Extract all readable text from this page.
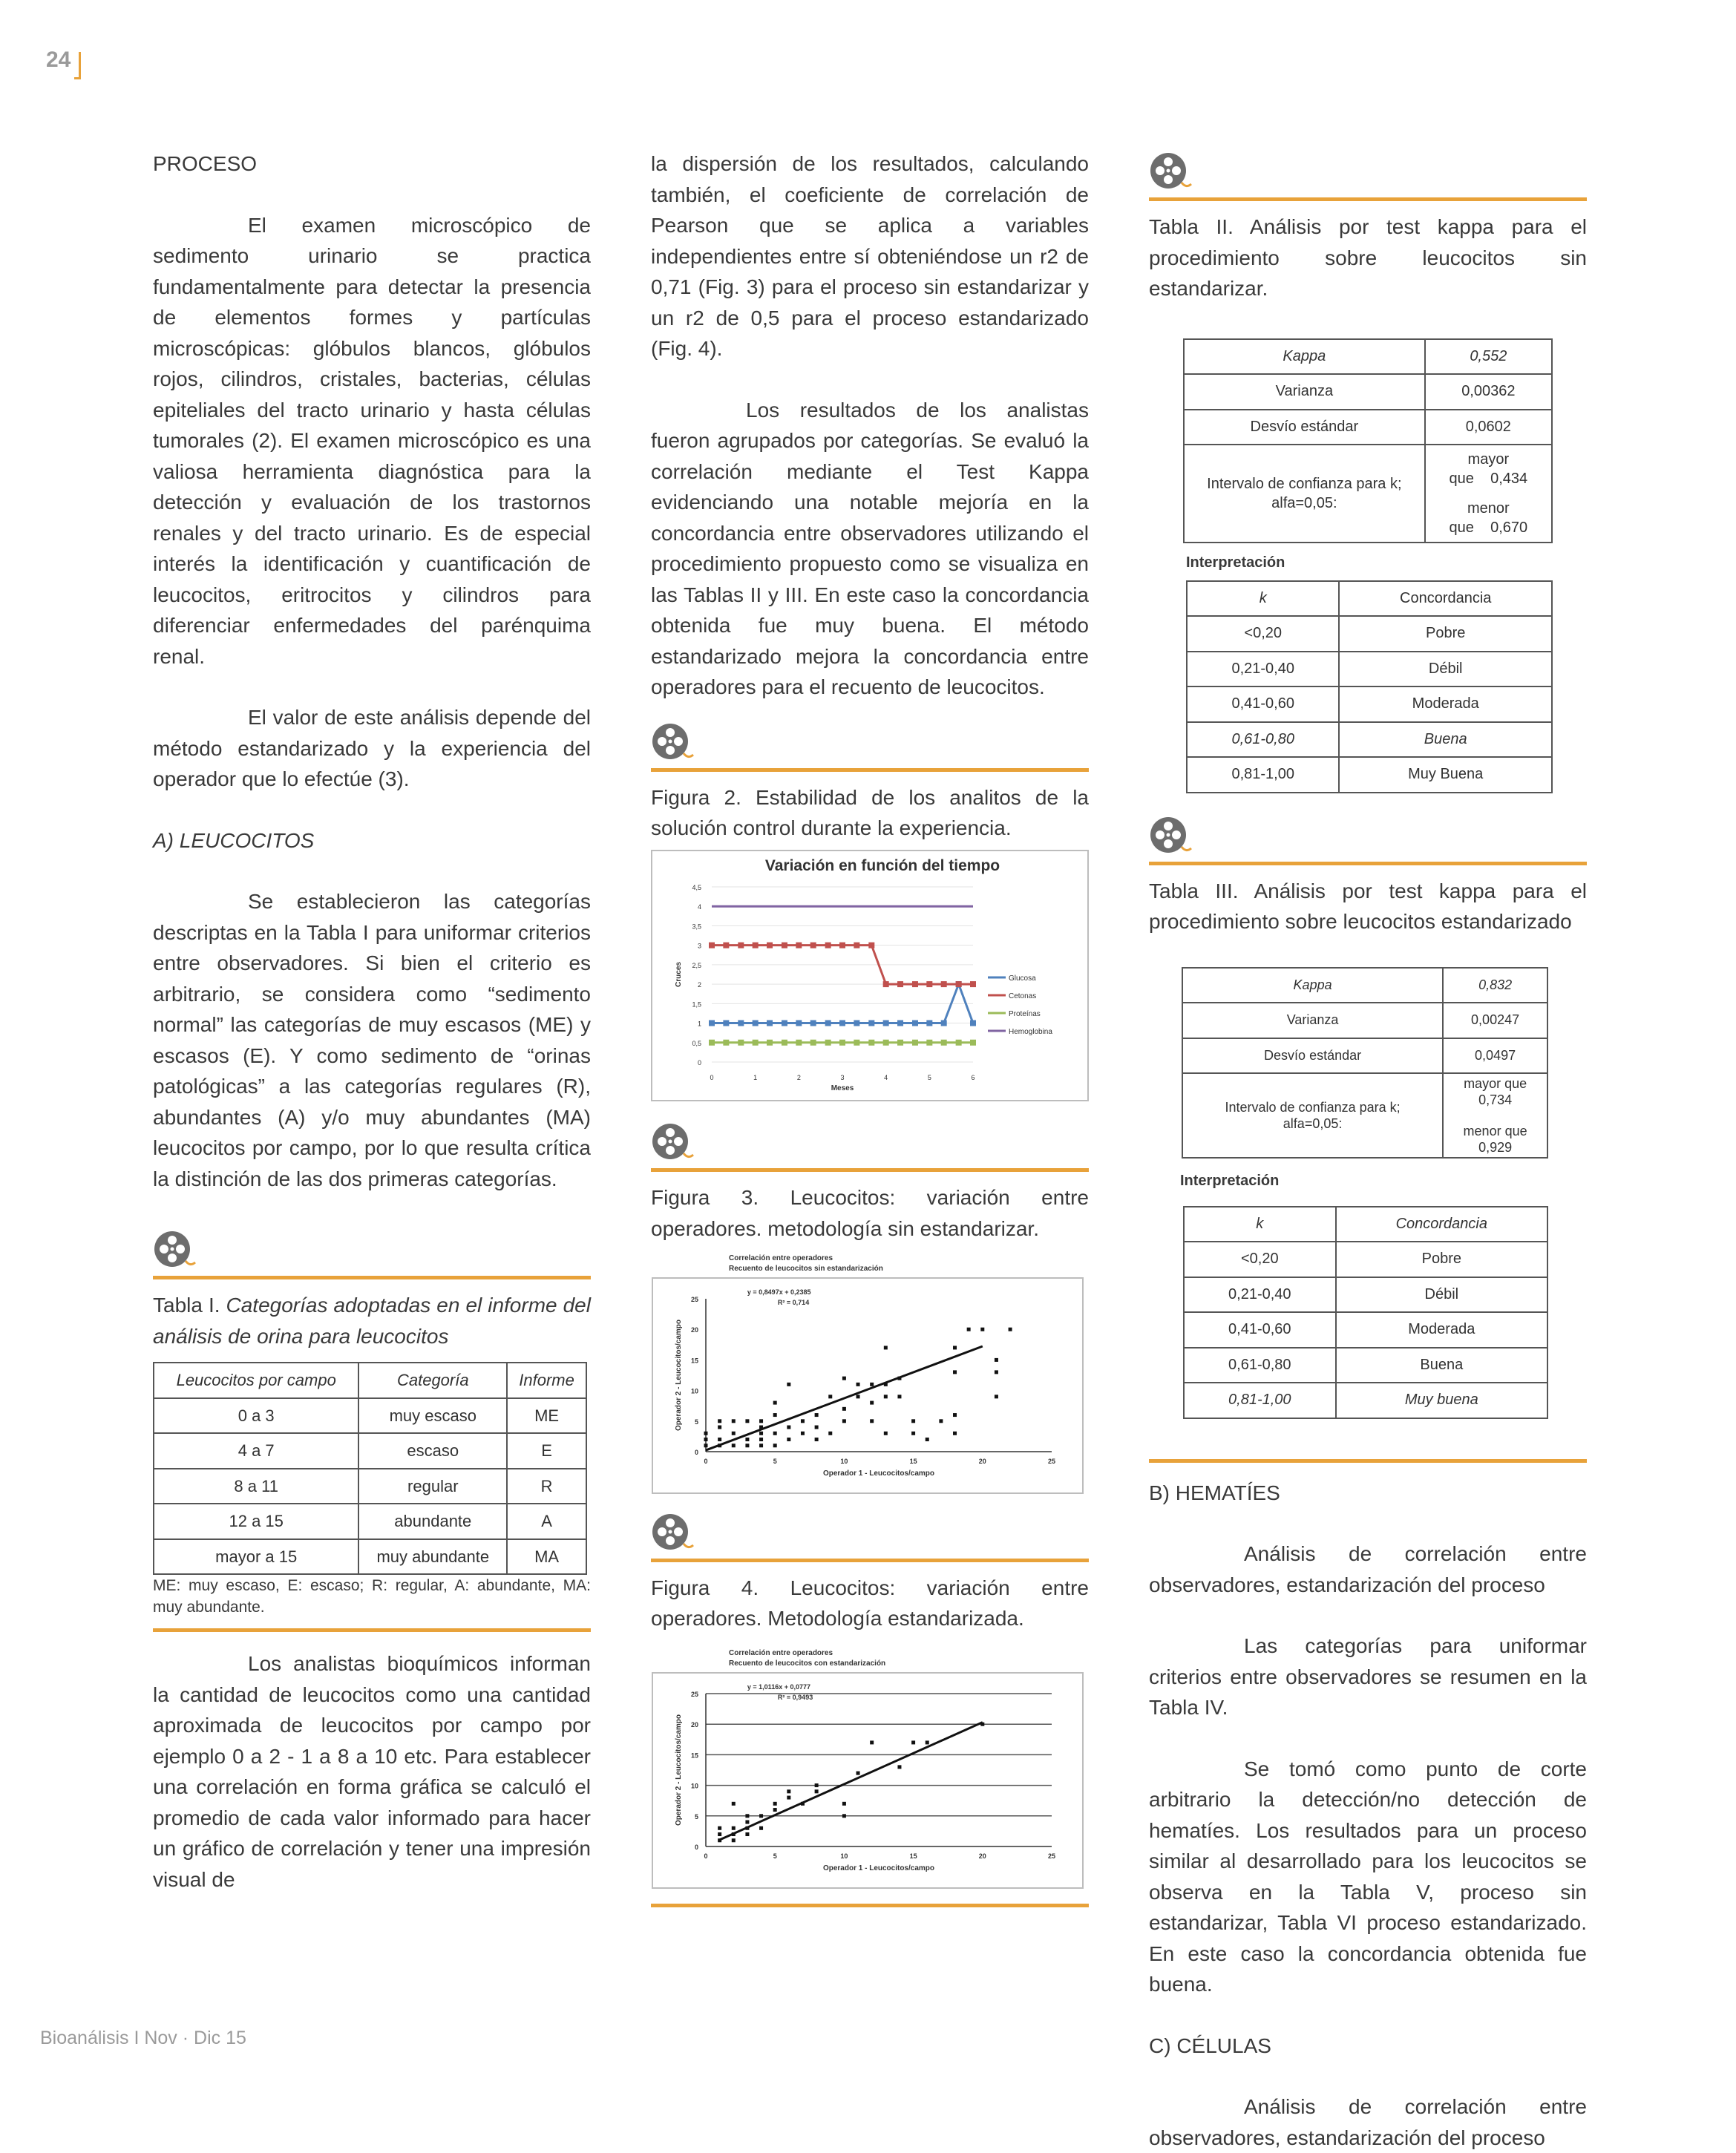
24

PROCESO

El examen microscópico de sedimento urinario se practica fundamentalmente para detectar la presencia de elementos formes y partículas microscópicas: glóbulos blancos, glóbulos rojos, cilindros, cristales, bacterias, células epiteliales del tracto urinario y hasta células tumorales (2). El examen microscópico es una valiosa herramienta diagnóstica para la detección y evaluación de los trastornos renales y del tracto urinario. Es de especial interés la identificación y cuantificación de leucocitos, eritrocitos y cilindros para diferenciar enfermedades del parénquima renal.

El valor de este análisis depende del método estandarizado y la experiencia del operador que lo efectúe (3).

A) LEUCOCITOS

Se establecieron las categorías descriptas en la Tabla I para uniformar criterios entre observadores. Si bien el criterio es arbitrario, se considera como “sedimento normal” las categorías de muy escasos (ME) y escasos (E). Y como sedimento de “orinas patológicas” a las categorías regulares (R), abundantes (A) y/o muy abundantes (MA) leucocitos por campo, por lo que resulta crítica la distinción de las dos primeras categorías.

Tabla I. Categorías adoptadas en el informe del análisis de orina para leucocitos

Leucocitos por campo	Categoría	Informe
0 a 3	muy escaso	ME
4 a 7	escaso	E
8 a 11	regular	R
12 a 15	abundante	A
mayor a 15	muy abundante	MA

ME: muy escaso, E: escaso; R: regular, A: abundante, MA: muy abundante.

Los analistas bioquímicos informan la cantidad de leucocitos como una cantidad aproximada de leucocitos por campo por ejemplo 0 a 2 - 1 a 8 a 10 etc. Para establecer una correlación en forma gráfica se calculó el promedio de cada valor informado para hacer un gráfico de correlación y tener una impresión visual de

la dispersión de los resultados, calculando también, el coeficiente de correlación de Pearson que se aplica a variables independientes entre sí obteniéndose un r2 de 0,71 (Fig. 3) para el proceso sin estandarizar y un r2 de 0,5 para el proceso estandarizado (Fig. 4).

Los resultados de los analistas fueron agrupados por categorías. Se evaluó la correlación mediante el Test Kappa evidenciando una notable mejoría en la concordancia entre observadores utilizando el procedimiento propuesto como se visualiza en las Tablas II y III. En este caso la concordancia obtenida fue muy buena. El método estandarizado mejora la concordancia entre operadores para el recuento de leucocitos.

Figura 2. Estabilidad de los analitos de la solución control durante la experiencia.

Variación en función del tiempo
0
0,5
1
1,5
2
2,5
3
3,5
4
4,5
0	1	2	3	4	5	6
Meses
Cruces	Glucosa
Cetonas
Proteínas
Hemoglobina

Figura 3. Leucocitos: variación entre operadores. metodología sin estandarizar.

Correlación entre operadores
Recuento de leucocitos sin estandarización
0
5
10
15
20
25
0	5	10	15	20	25
Operador 1 - Leucocitos/campo
Operador 2 - Leucocitos/campo
y = 0,8497x + 0,2385
R² = 0,714

Figura 4. Leucocitos: variación entre operadores. Metodología estandarizada.

Correlación entre operadores
Recuento de leucocitos con estandarización
0
5
10
15
20
25
0	5	10	15	20	25
Operador 1 - Leucocitos/campo
Operador 2 - Leucocitos/campo
y = 1,0116x + 0,0777
R² = 0,9493

Tabla II. Análisis por test kappa para el procedimiento sobre leucocitos sin estandarizar.

Kappa	0,552
Varianza	0,00362
Desvío estándar	0,0602
Intervalo de confianza para k; alfa=0,05:	mayor que 0,434
menor que 0,670
Interpretación
k	Concordancia
<0,20	Pobre
0,21-0,40	Débil
0,41-0,60	Moderada
0,61-0,80	Buena
0,81-1,00	Muy Buena

Tabla III. Análisis por test kappa para el procedimiento sobre leucocitos estandarizado

Kappa	0,832
Varianza	0,00247
Desvío estándar	0,0497
Intervalo de confianza para k; alfa=0,05:	mayor que 0,734
menor que 0,929
Interpretación
k	Concordancia
<0,20	Pobre
0,21-0,40	Débil
0,41-0,60	Moderada
0,61-0,80	Buena
0,81-1,00	Muy buena

B) HEMATÍES

Análisis de correlación entre observadores, estandarización del proceso

Las categorías para uniformar criterios entre observadores se resumen en la Tabla IV.

Se tomó como punto de corte arbitrario la detección/no detección de hematíes. Los resultados para un proceso similar al desarrollado para los leucocitos se observa en la Tabla V, proceso sin estandarizar, Tabla VI proceso estandarizado. En este caso la concordancia obtenida fue buena.

C) CÉLULAS

Análisis de correlación entre observadores, estandarización del proceso

Bioanálisis I Nov · Dic 15
